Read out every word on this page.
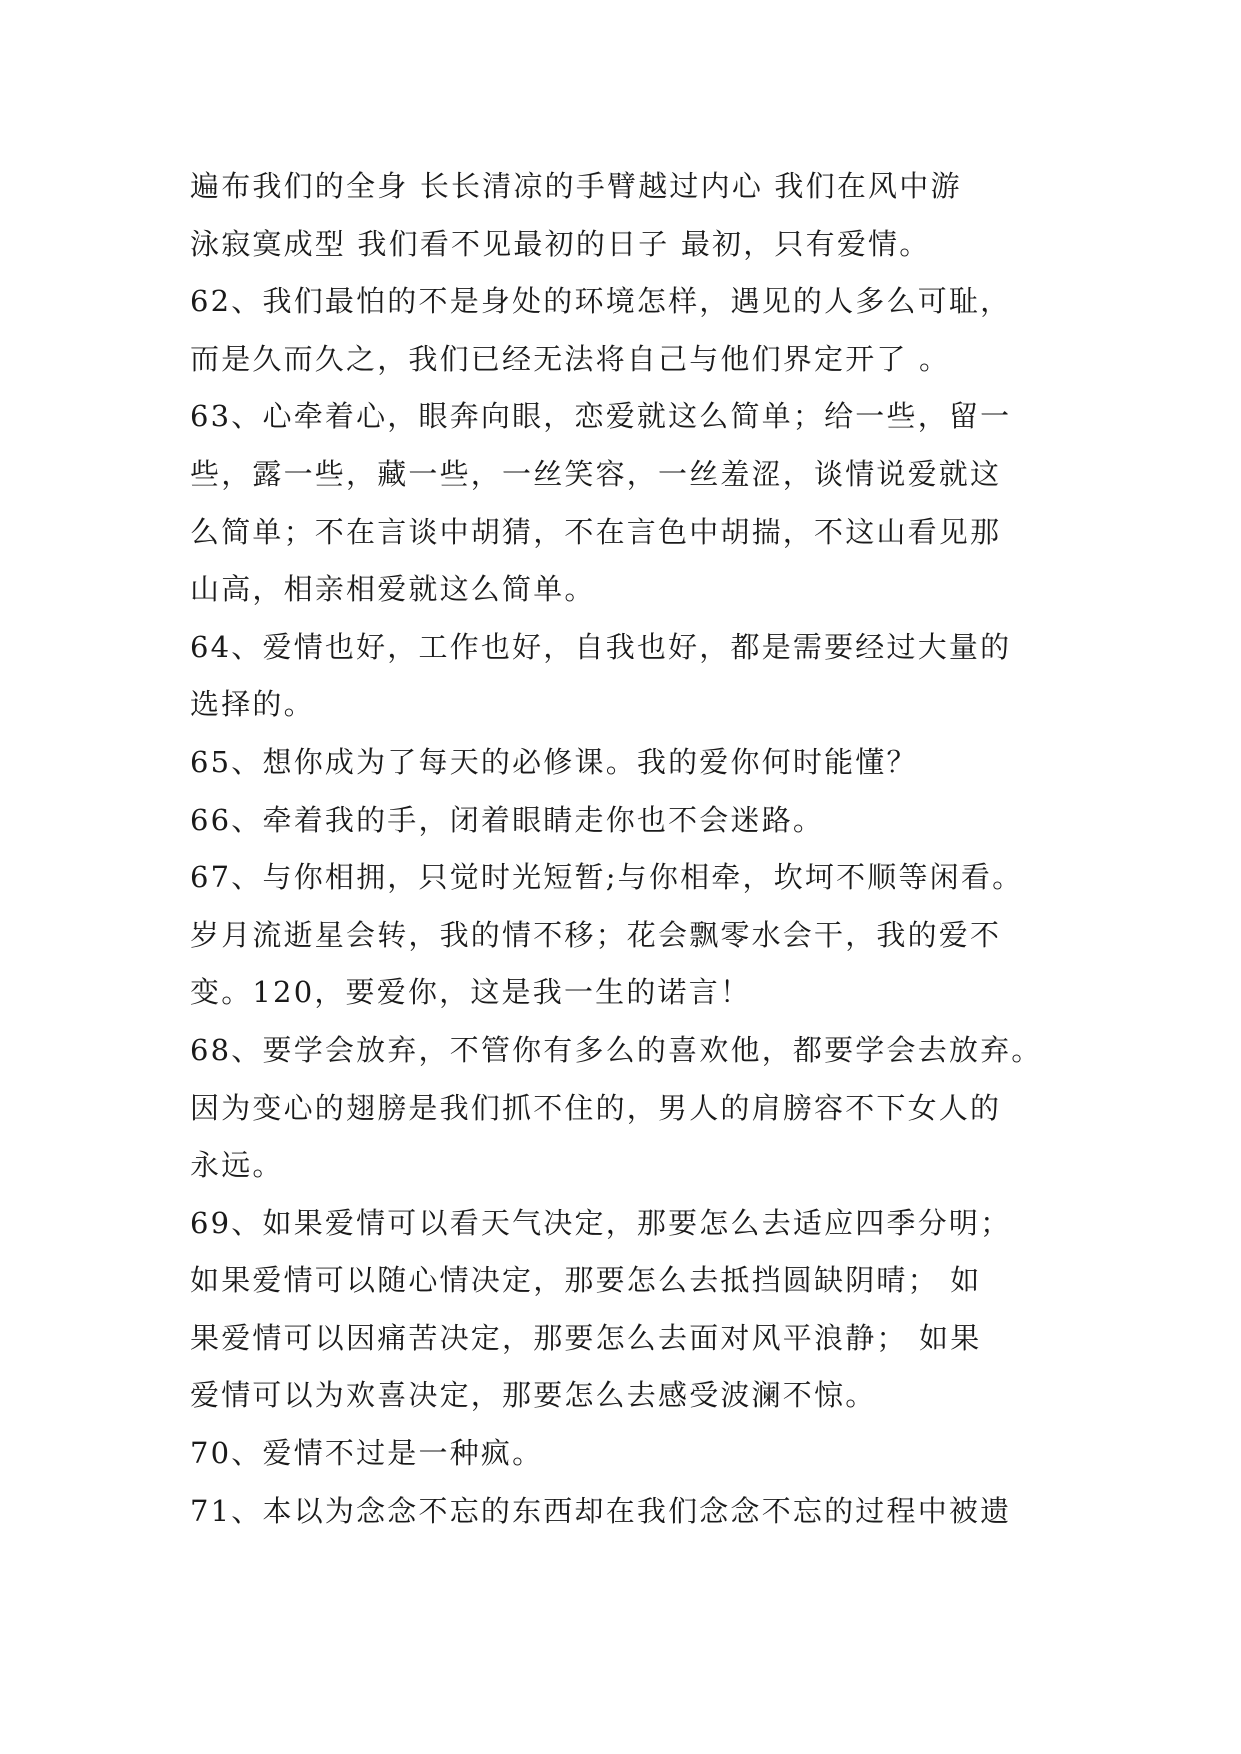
遍布我们的全身 长长清凉的手臂越过内心 我们在风中游

泳寂寞成型 我们看不见最初的日子 最初，只有爱情。

62、我们最怕的不是身处的环境怎样，遇见的人多么可耻，

而是久而久之，我们已经无法将自己与他们界定开了 。

63、心牵着心，眼奔向眼，恋爱就这么简单；给一些，留一

些，露一些，藏一些，一丝笑容，一丝羞涩，谈情说爱就这

么简单；不在言谈中胡猜，不在言色中胡揣，不这山看见那

山高，相亲相爱就这么简单。

64、爱情也好，工作也好，自我也好，都是需要经过大量的

选择的。

65、想你成为了每天的必修课。我的爱你何时能懂？

66、牵着我的手，闭着眼睛走你也不会迷路。

67、与你相拥，只觉时光短暂;与你相牵，坎坷不顺等闲看。

岁月流逝星会转，我的情不移；花会飘零水会干，我的爱不

变。120，要爱你，这是我一生的诺言！

68、要学会放弃，不管你有多么的喜欢他，都要学会去放弃。

因为变心的翅膀是我们抓不住的，男人的肩膀容不下女人的

永远。

69、如果爱情可以看天气决定，那要怎么去适应四季分明；

如果爱情可以随心情决定，那要怎么去抵挡圆缺阴晴； 如

果爱情可以因痛苦决定，那要怎么去面对风平浪静； 如果

爱情可以为欢喜决定，那要怎么去感受波澜不惊。

70、爱情不过是一种疯。

71、本以为念念不忘的东西却在我们念念不忘的过程中被遗
